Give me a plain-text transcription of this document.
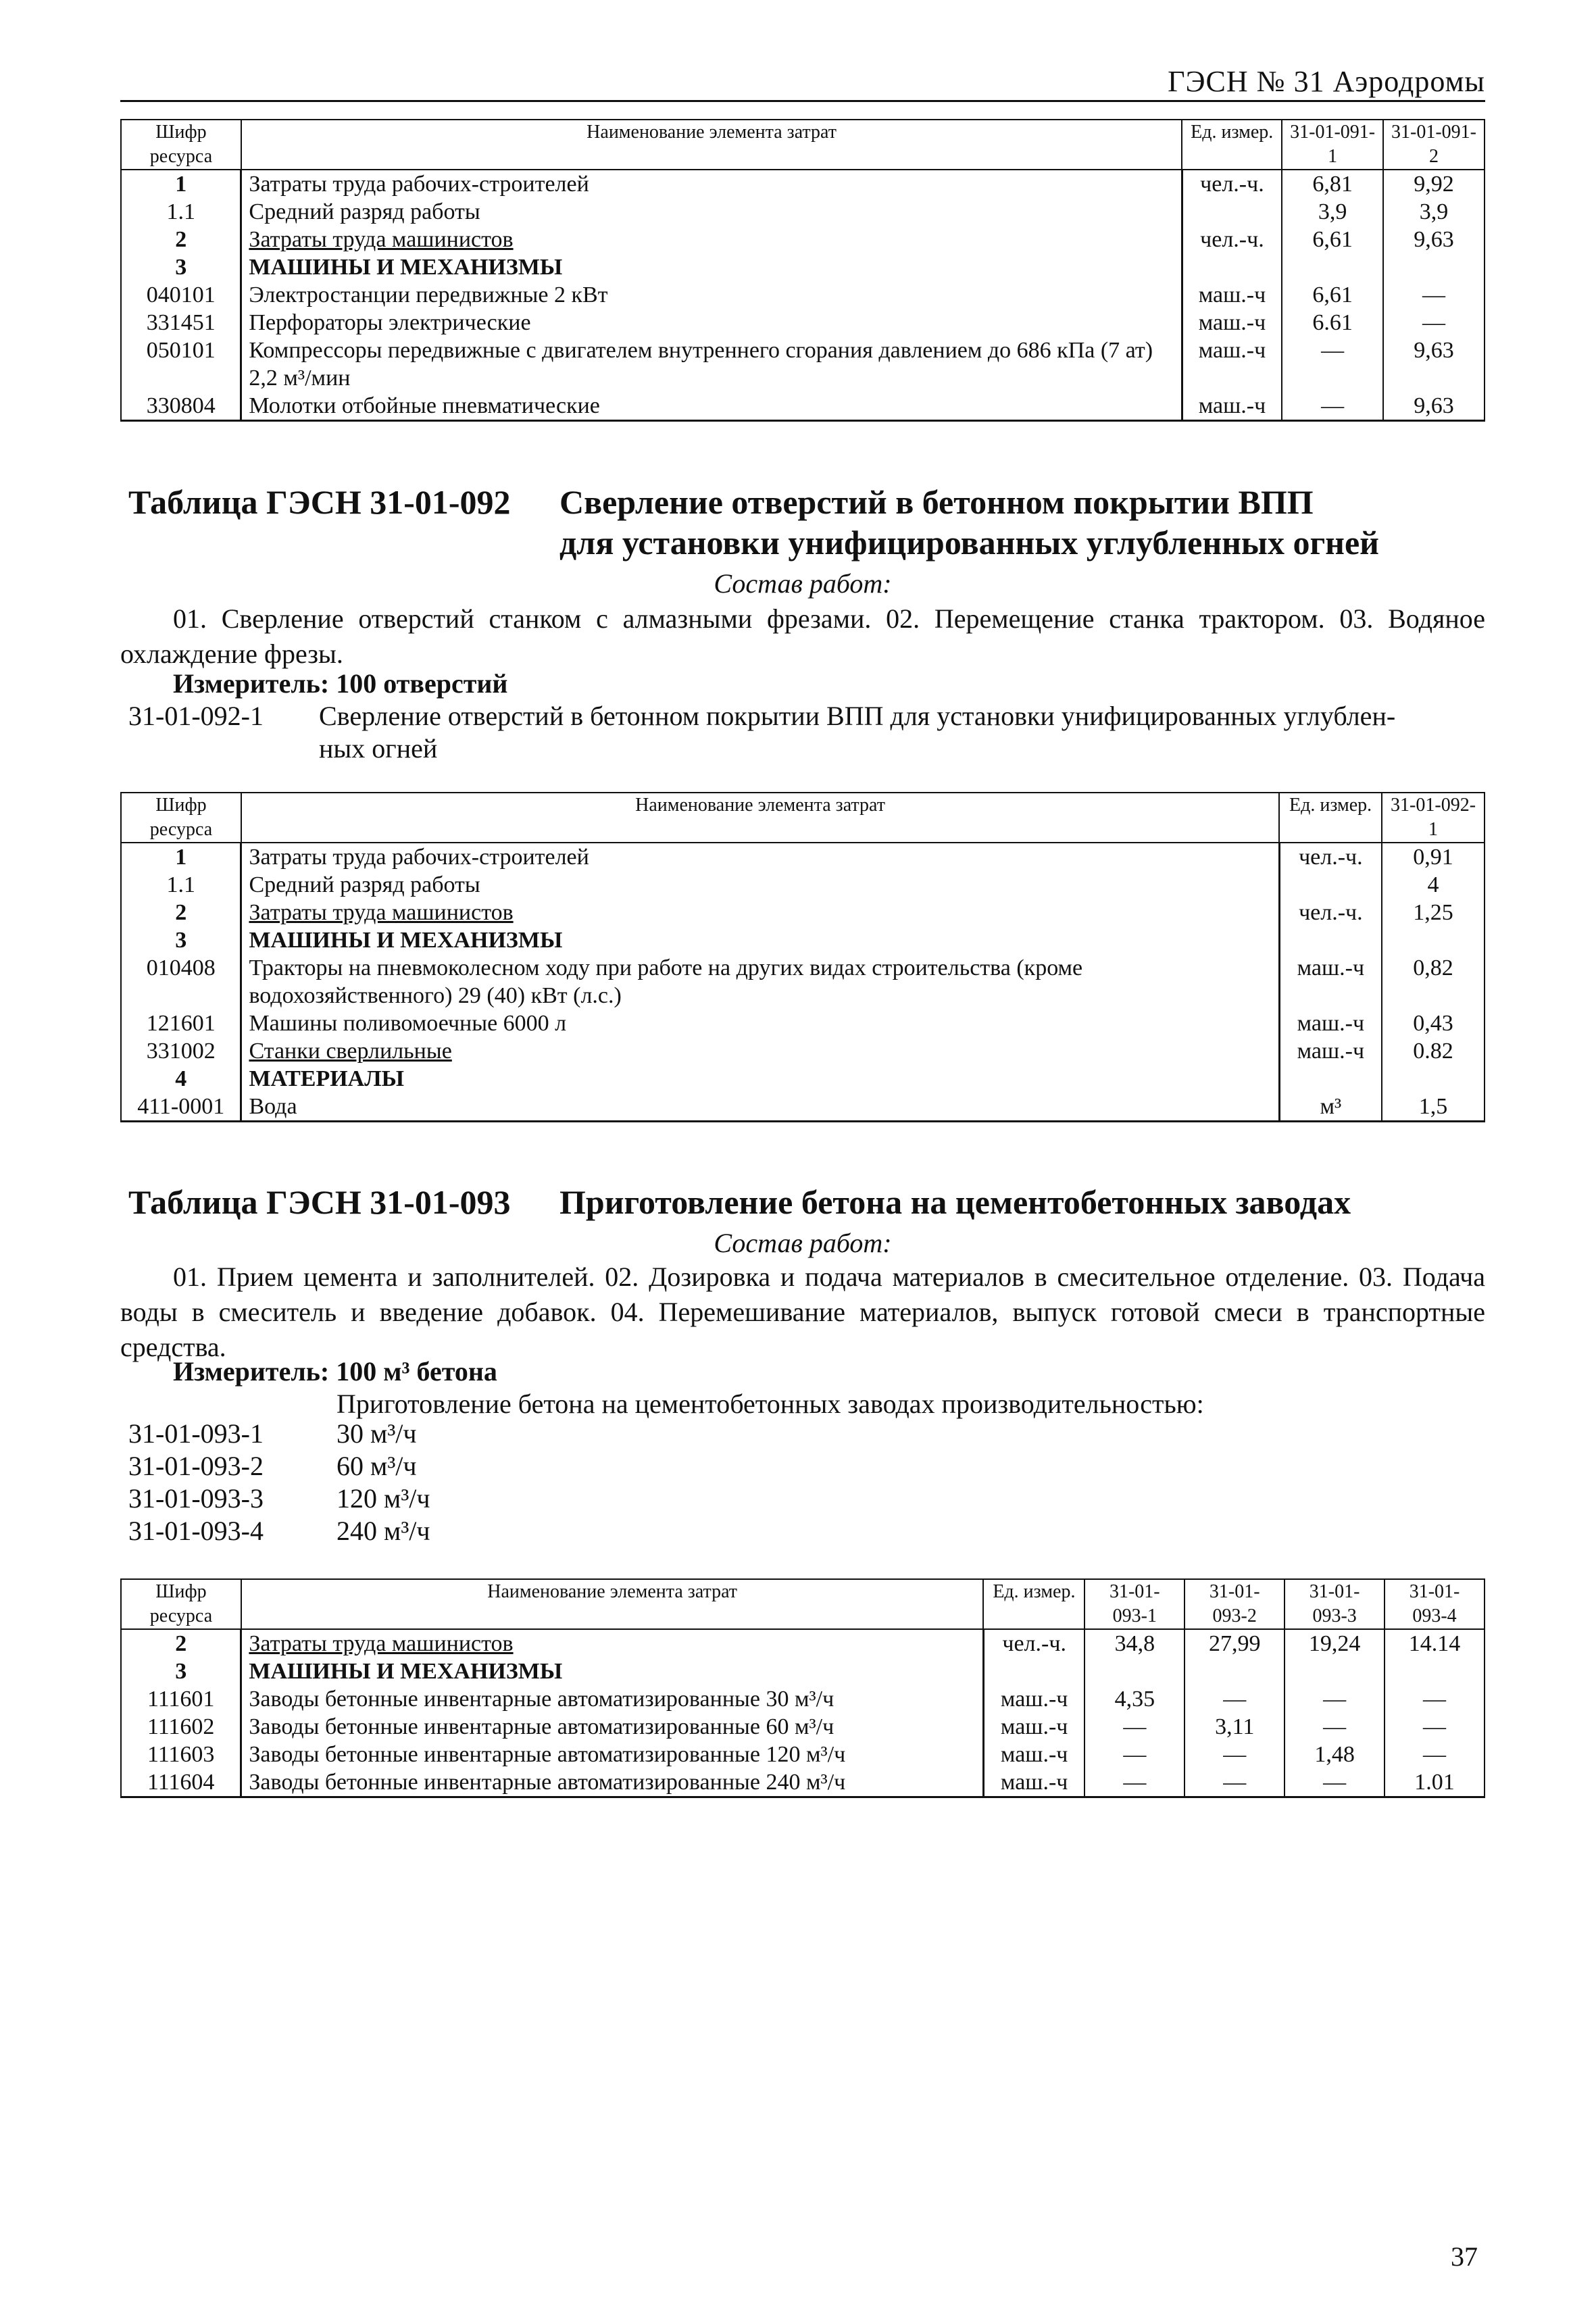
ГЭСН № 31 Аэродромы
Шифр ресурса	Наименование элемента затрат	Ед. измер.	31-01-091-1	31-01-091-2
1	Затраты труда рабочих-строителей	чел.-ч.	6,81	9,92
1.1	Средний разряд работы		3,9	3,9
2	Затраты труда машинистов	чел.-ч.	6,61	9,63
3	МАШИНЫ И МЕХАНИЗМЫ			
040101	Электростанции передвижные 2 кВт	маш.-ч	6,61	—
331451	Перфораторы электрические	маш.-ч	6.61	—
050101	Компрессоры передвижные с двигателем внутреннего сгорания давлением до 686 кПа (7 ат) 2,2 м³/мин	маш.-ч	—	9,63
330804	Молотки отбойные пневматические	маш.-ч	—	9,63
Таблица ГЭСН 31-01-092 Сверление отверстий в бетонном покрытии ВПП
для установки унифицированных углубленных огней
Состав работ:
01. Сверление отверстий станком с алмазными фрезами. 02. Перемещение станка трактором. 03. Водяное охлаждение фрезы.
Измеритель: 100 отверстий
31-01-092-1 Сверление отверстий в бетонном покрытии ВПП для установки унифицированных углублен-
ных огней
Шифр ресурса	Наименование элемента затрат	Ед. измер.	31-01-092-1
1	Затраты труда рабочих-строителей	чел.-ч.	0,91
1.1	Средний разряд работы		4
2	Затраты труда машинистов	чел.-ч.	1,25
3	МАШИНЫ И МЕХАНИЗМЫ		
010408	Тракторы на пневмоколесном ходу при работе на других видах строительства (кроме водохозяйственного) 29 (40) кВт (л.с.)	маш.-ч	0,82
121601	Машины поливомоечные 6000 л	маш.-ч	0,43
331002	Станки сверлильные	маш.-ч	0.82
4	МАТЕРИАЛЫ		
411-0001	Вода	м³	1,5
Таблица ГЭСН 31-01-093 Приготовление бетона на цементобетонных заводах
Состав работ:
01. Прием цемента и заполнителей. 02. Дозировка и подача материалов в смесительное отделение. 03. Подача воды в смеситель и введение добавок. 04. Перемешивание материалов, выпуск готовой смеси в транспортные средства.
Измеритель: 100 м³ бетона
Приготовление бетона на цементобетонных заводах производительностью:
31-01-093-1	30 м³/ч
31-01-093-2	60 м³/ч
31-01-093-3	120 м³/ч
31-01-093-4	240 м³/ч
Шифр ресурса	Наименование элемента затрат	Ед. измер.	31-01-093-1	31-01-093-2	31-01-093-3	31-01-093-4
2	Затраты труда машинистов	чел.-ч.	34,8	27,99	19,24	14.14
3	МАШИНЫ И МЕХАНИЗМЫ					
111601	Заводы бетонные инвентарные автоматизированные 30 м³/ч	маш.-ч	4,35	—	—	—
111602	Заводы бетонные инвентарные автоматизированные 60 м³/ч	маш.-ч	—	3,11	—	—
111603	Заводы бетонные инвентарные автоматизированные 120 м³/ч	маш.-ч	—	—	1,48	—
111604	Заводы бетонные инвентарные автоматизированные 240 м³/ч	маш.-ч	—	—	—	1.01
37
